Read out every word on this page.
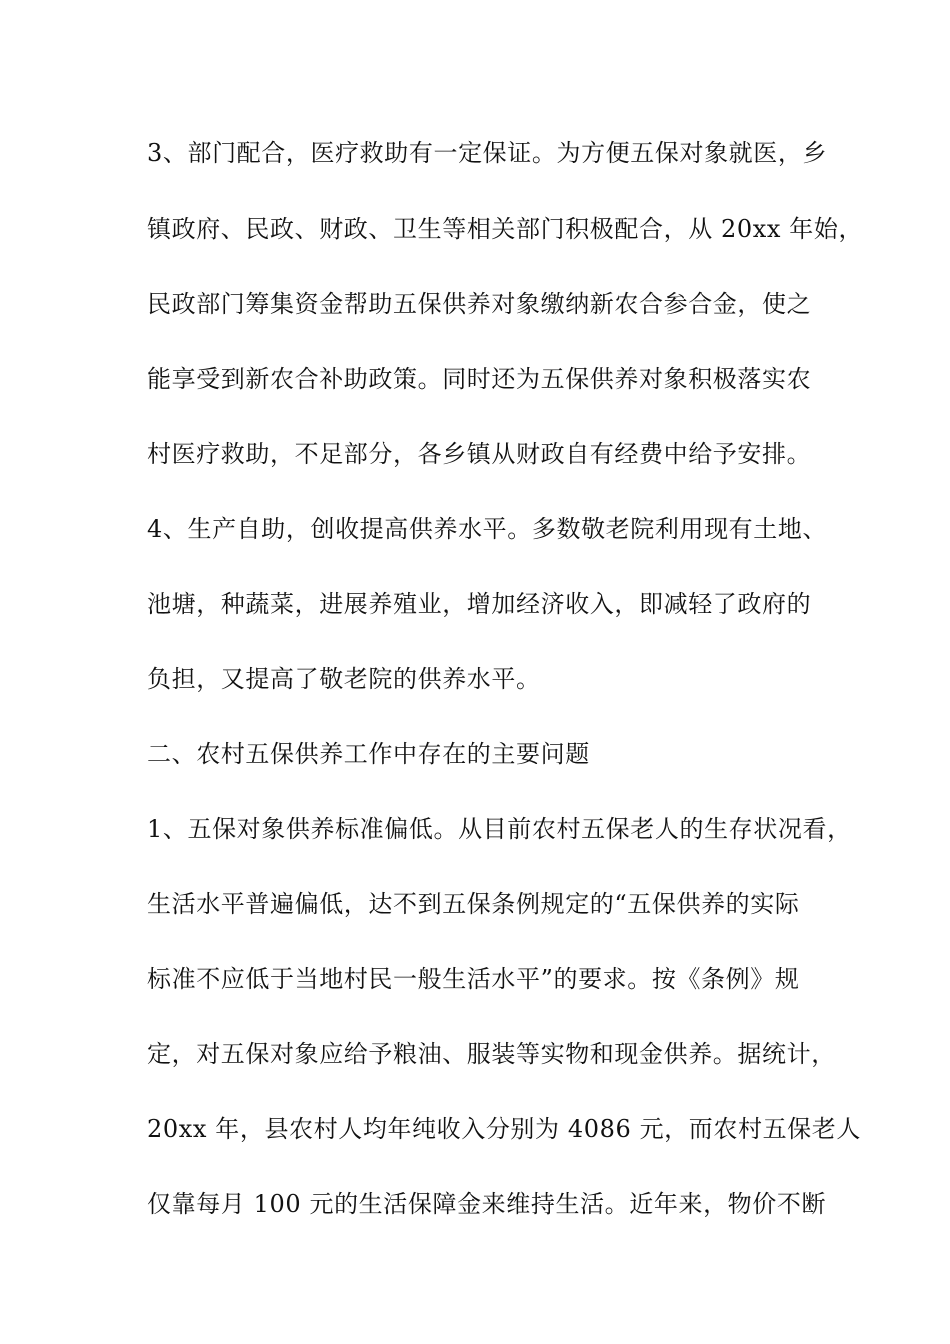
3、部门配合，医疗救助有一定保证。为方便五保对象就医，乡
镇政府、民政、财政、卫生等相关部门积极配合，从 20xx 年始，
民政部门筹集资金帮助五保供养对象缴纳新农合参合金，使之
能享受到新农合补助政策。同时还为五保供养对象积极落实农
村医疗救助，不足部分，各乡镇从财政自有经费中给予安排。
4、生产自助，创收提高供养水平。多数敬老院利用现有土地、
池塘，种蔬菜，进展养殖业，增加经济收入，即减轻了政府的
负担，又提高了敬老院的供养水平。
二、农村五保供养工作中存在的主要问题
1、五保对象供养标准偏低。从目前农村五保老人的生存状况看，
生活水平普遍偏低，达不到五保条例规定的“五保供养的实际
标准不应低于当地村民一般生活水平”的要求。按《条例》规
定，对五保对象应给予粮油、服装等实物和现金供养。据统计，
20xx 年，县农村人均年纯收入分别为 4086 元，而农村五保老人
仅靠每月 100 元的生活保障金来维持生活。近年来，物价不断
